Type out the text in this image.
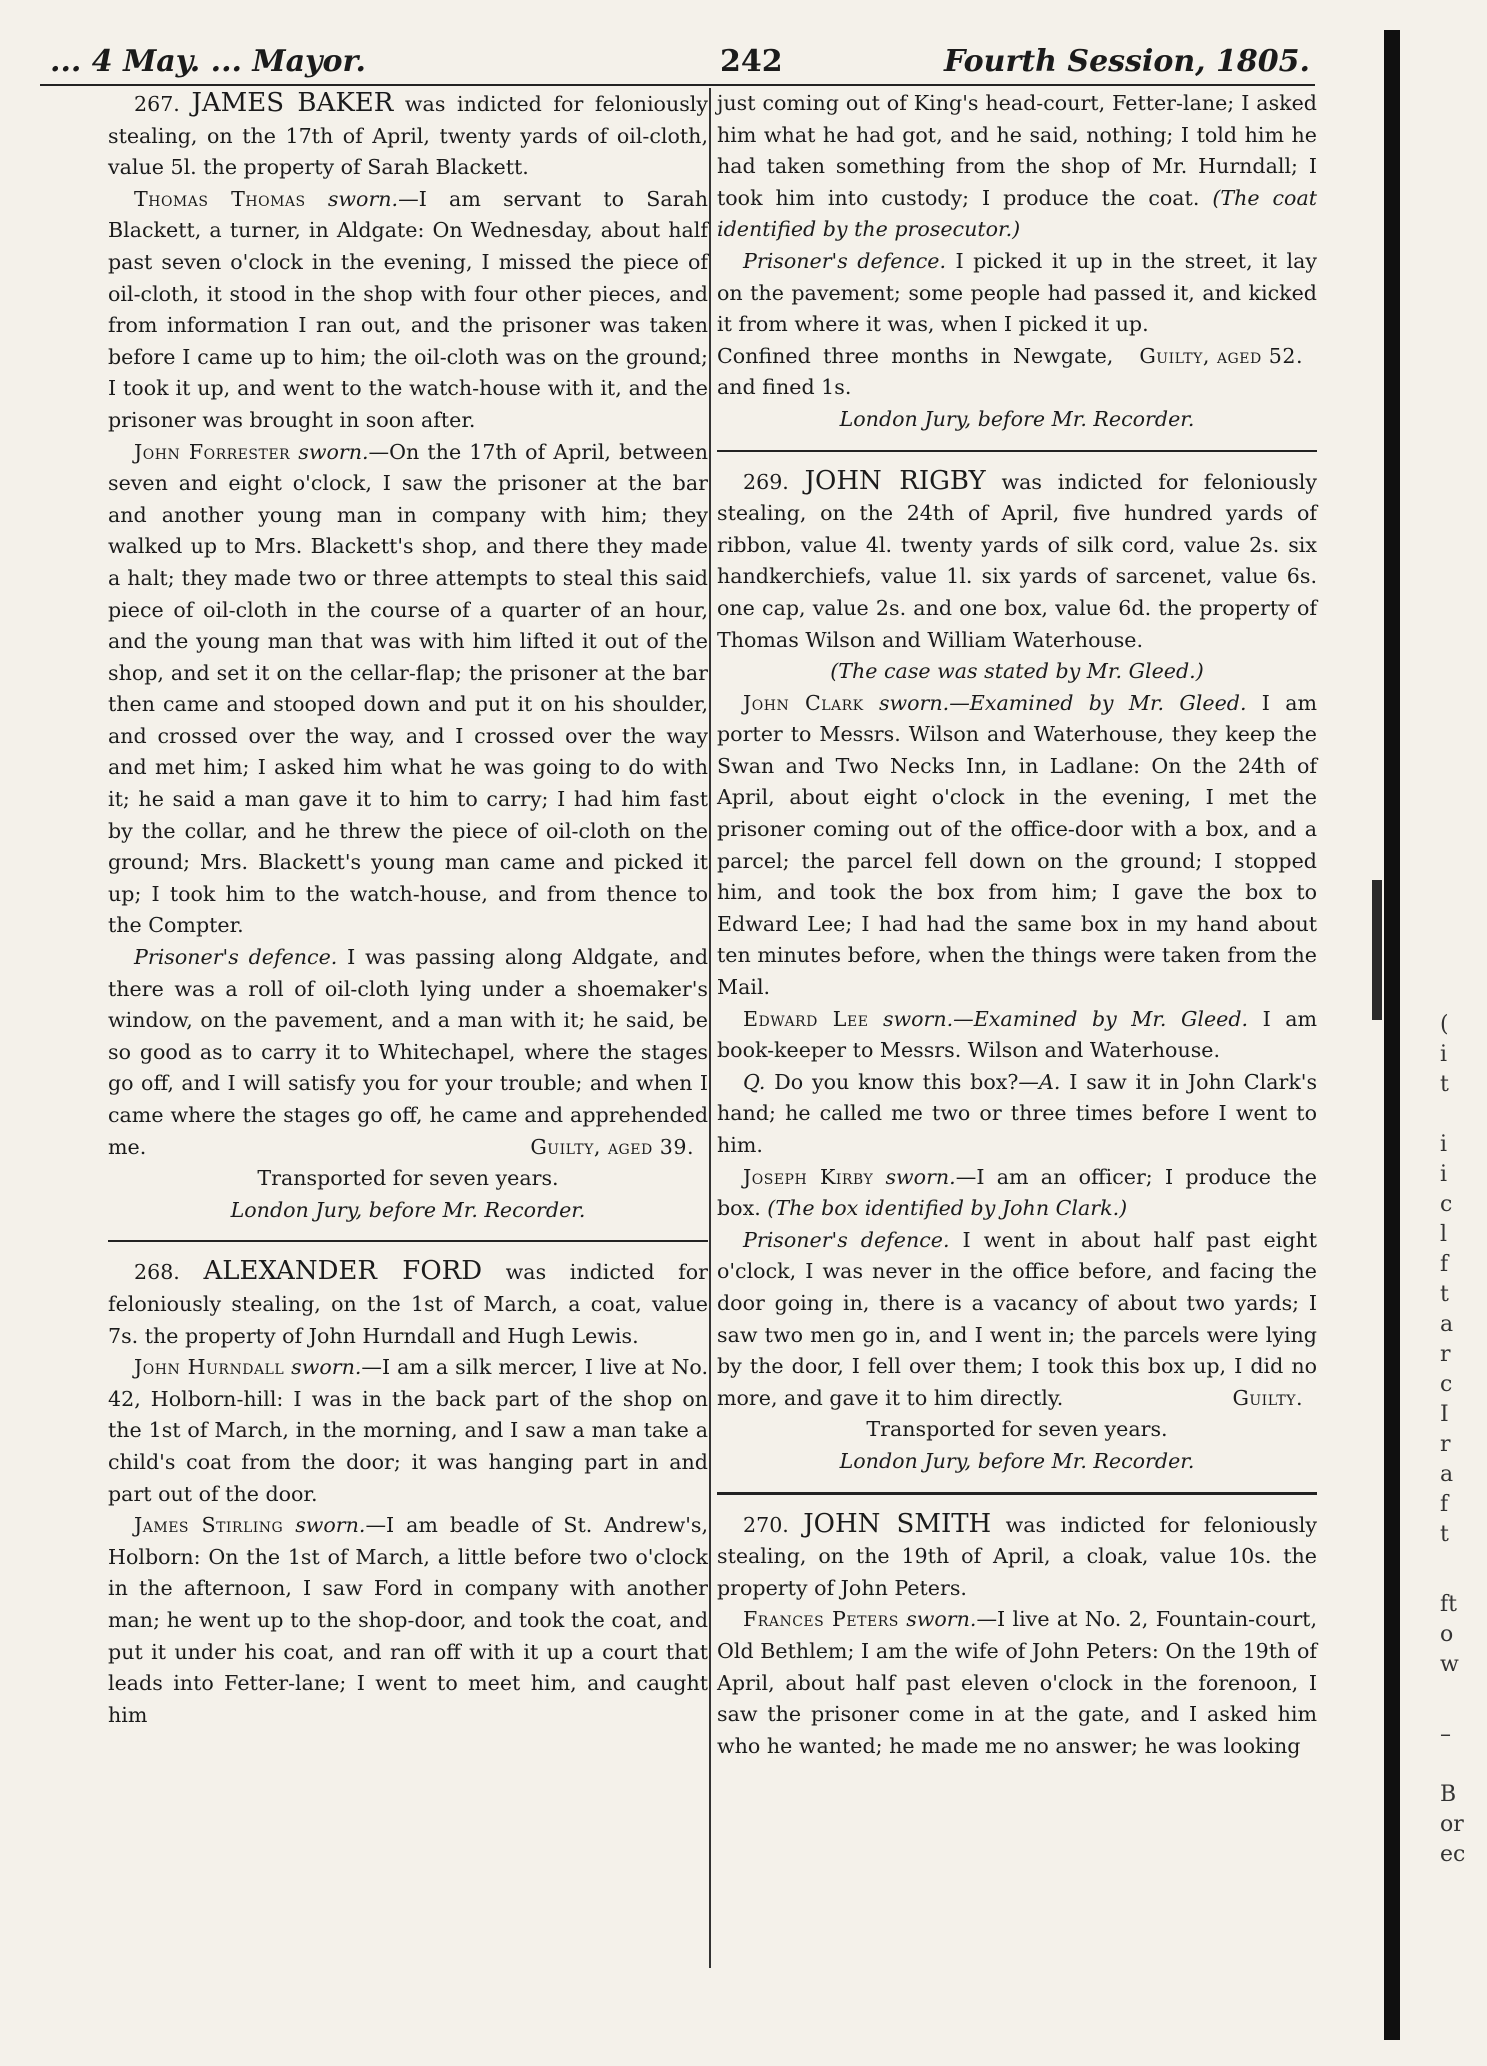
... 4 May. ... Mayor.	242	Fourth Session, 1805.

267. JAMES BAKER was indicted for feloniously stealing, on the 17th of April, twenty yards of oil-cloth, value 5l. the property of Sarah Blackett.

Thomas Thomas sworn.—I am servant to Sarah Blackett, a turner, in Aldgate: On Wednesday, about half past seven o'clock in the evening, I missed the piece of oil-cloth, it stood in the shop with four other pieces, and from information I ran out, and the prisoner was taken before I came up to him; the oil-cloth was on the ground; I took it up, and went to the watch-house with it, and the prisoner was brought in soon after.

John Forrester sworn.—On the 17th of April, between seven and eight o'clock, I saw the prisoner at the bar and another young man in company with him; they walked up to Mrs. Blackett's shop, and there they made a halt; they made two or three attempts to steal this said piece of oil-cloth in the course of a quarter of an hour, and the young man that was with him lifted it out of the shop, and set it on the cellar-flap; the prisoner at the bar then came and stooped down and put it on his shoulder, and crossed over the way, and I crossed over the way and met him; I asked him what he was going to do with it; he said a man gave it to him to carry; I had him fast by the collar, and he threw the piece of oil-cloth on the ground; Mrs. Blackett's young man came and picked it up; I took him to the watch-house, and from thence to the Compter.

Prisoner's defence. I was passing along Aldgate, and there was a roll of oil-cloth lying under a shoemaker's window, on the pavement, and a man with it; he said, be so good as to carry it to Whitechapel, where the stages go off, and I will satisfy you for your trouble; and when I came where the stages go off, he came and apprehended me.	Guilty, aged 39.

Transported for seven years.

London Jury, before Mr. Recorder.

268. ALEXANDER FORD was indicted for feloniously stealing, on the 1st of March, a coat, value 7s. the property of John Hurndall and Hugh Lewis.

John Hurndall sworn.—I am a silk mercer, I live at No. 42, Holborn-hill: I was in the back part of the shop on the 1st of March, in the morning, and I saw a man take a child's coat from the door; it was hanging part in and part out of the door.

James Stirling sworn.—I am beadle of St. Andrew's, Holborn: On the 1st of March, a little before two o'clock in the afternoon, I saw Ford in company with another man; he went up to the shop-door, and took the coat, and put it under his coat, and ran off with it up a court that leads into Fetter-lane; I went to meet him, and caught him

just coming out of King's head-court, Fetter-lane; I asked him what he had got, and he said, nothing; I told him he had taken something from the shop of Mr. Hurndall; I took him into custody; I produce the coat. (The coat identified by the prosecutor.)

Prisoner's defence. I picked it up in the street, it lay on the pavement; some people had passed it, and kicked it from where it was, when I picked it up.
Guilty, aged 52.

Confined three months in Newgate, and fined 1s.

London Jury, before Mr. Recorder.

269. JOHN RIGBY was indicted for feloniously stealing, on the 24th of April, five hundred yards of ribbon, value 4l. twenty yards of silk cord, value 2s. six handkerchiefs, value 1l. six yards of sarcenet, value 6s. one cap, value 2s. and one box, value 6d. the property of Thomas Wilson and William Waterhouse.

(The case was stated by Mr. Gleed.)

John Clark sworn.—Examined by Mr. Gleed. I am porter to Messrs. Wilson and Waterhouse, they keep the Swan and Two Necks Inn, in Ladlane: On the 24th of April, about eight o'clock in the evening, I met the prisoner coming out of the office-door with a box, and a parcel; the parcel fell down on the ground; I stopped him, and took the box from him; I gave the box to Edward Lee; I had had the same box in my hand about ten minutes before, when the things were taken from the Mail.

Edward Lee sworn.—Examined by Mr. Gleed. I am book-keeper to Messrs. Wilson and Waterhouse.

Q. Do you know this box?—A. I saw it in John Clark's hand; he called me two or three times before I went to him.

Joseph Kirby sworn.—I am an officer; I produce the box. (The box identified by John Clark.)

Prisoner's defence. I went in about half past eight o'clock, I was never in the office before, and facing the door going in, there is a vacancy of about two yards; I saw two men go in, and I went in; the parcels were lying by the door, I fell over them; I took this box up, I did no more, and gave it to him directly.	Guilty.

Transported for seven years.

London Jury, before Mr. Recorder.

270. JOHN SMITH was indicted for feloniously stealing, on the 19th of April, a cloak, value 10s. the property of John Peters.

Frances Peters sworn.—I live at No. 2, Fountain-court, Old Bethlem; I am the wife of John Peters: On the 19th of April, about half past eleven o'clock in the forenoon, I saw the prisoner come in at the gate, and I asked him who he wanted; he made me no answer; he was looking

(
i
t
i
i
c
l
f
t
a
r
c
I
r
a
f
t
ft
o
w
–
B
or
ec
